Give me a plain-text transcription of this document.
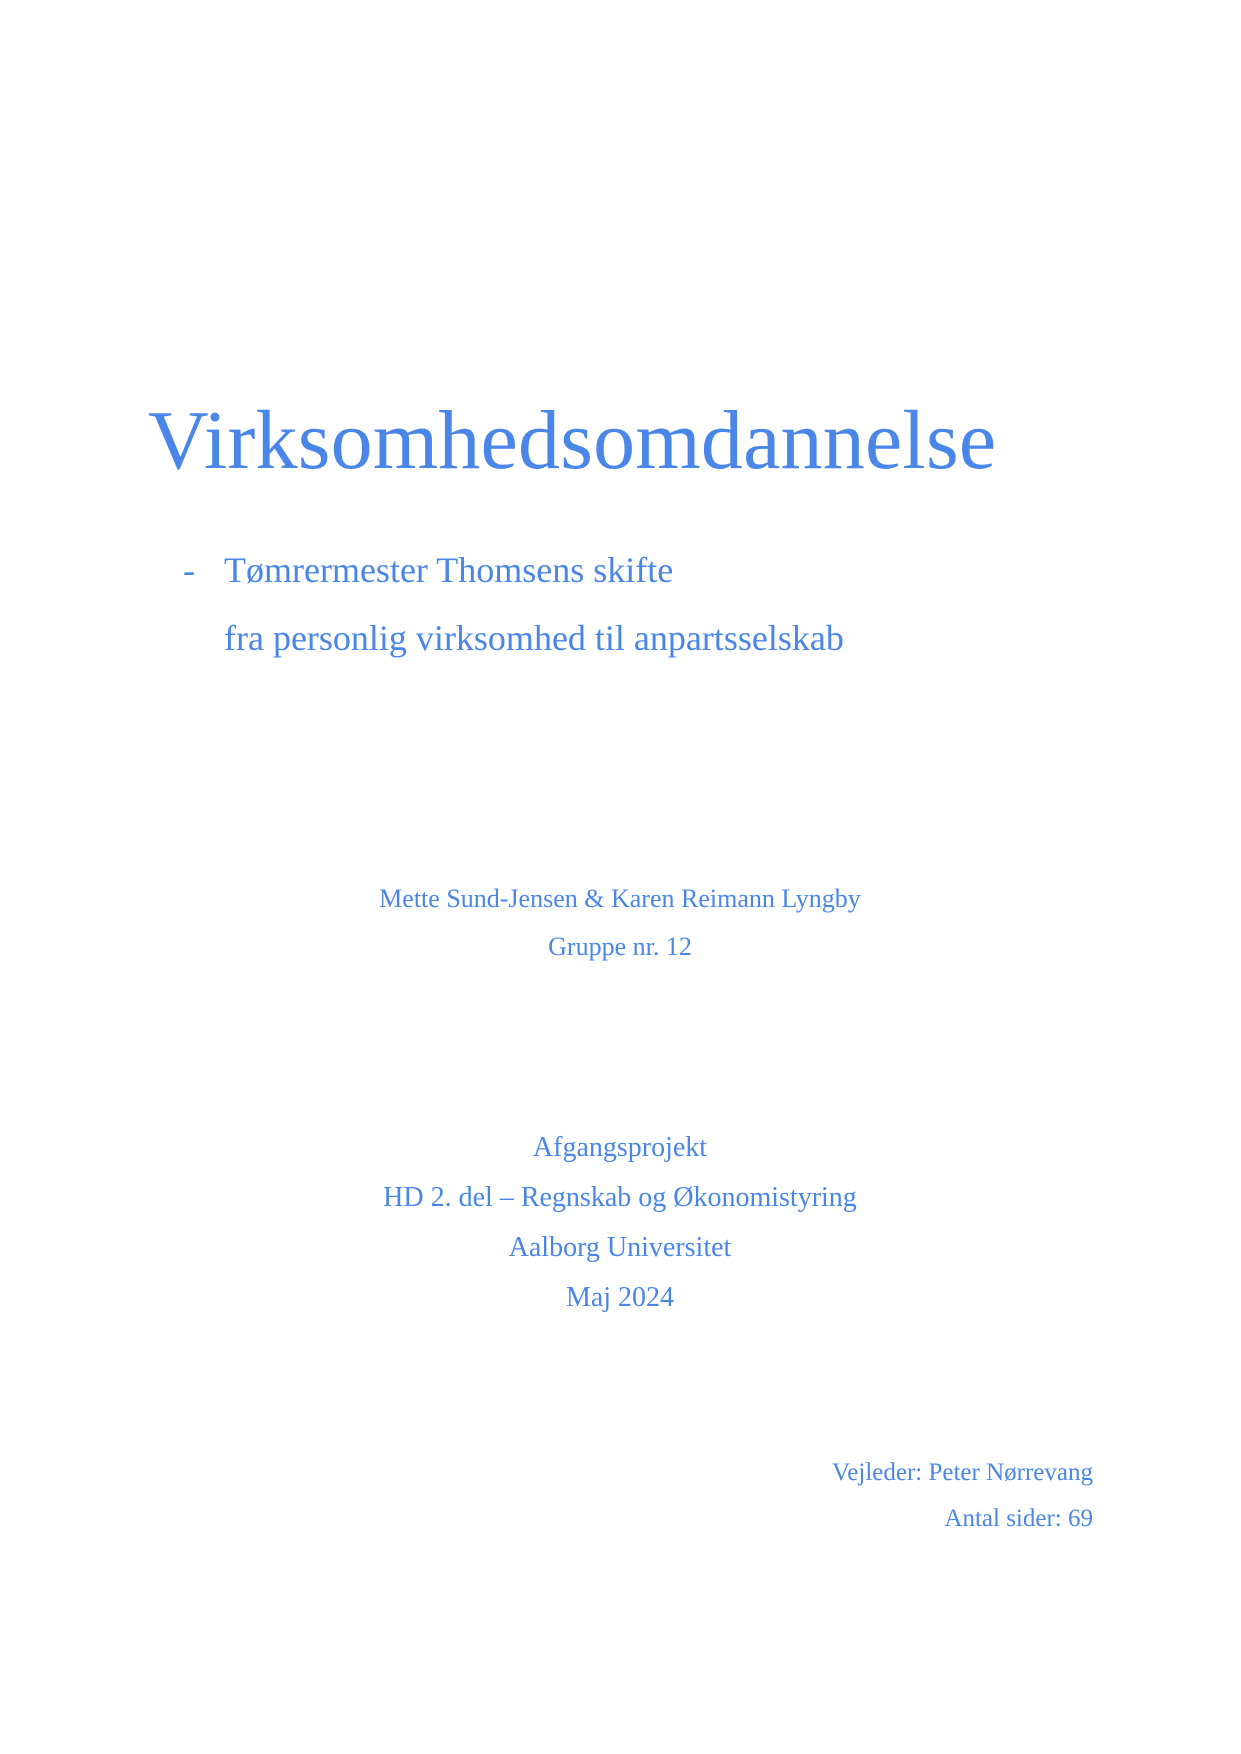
Virksomhedsomdannelse
- Tømrermester Thomsens skifte
fra personlig virksomhed til anpartsselskab
Mette Sund-Jensen & Karen Reimann Lyngby
Gruppe nr. 12
Afgangsprojekt
HD 2. del – Regnskab og Økonomistyring
Aalborg Universitet
Maj 2024
Vejleder: Peter Nørrevang
Antal sider: 69
